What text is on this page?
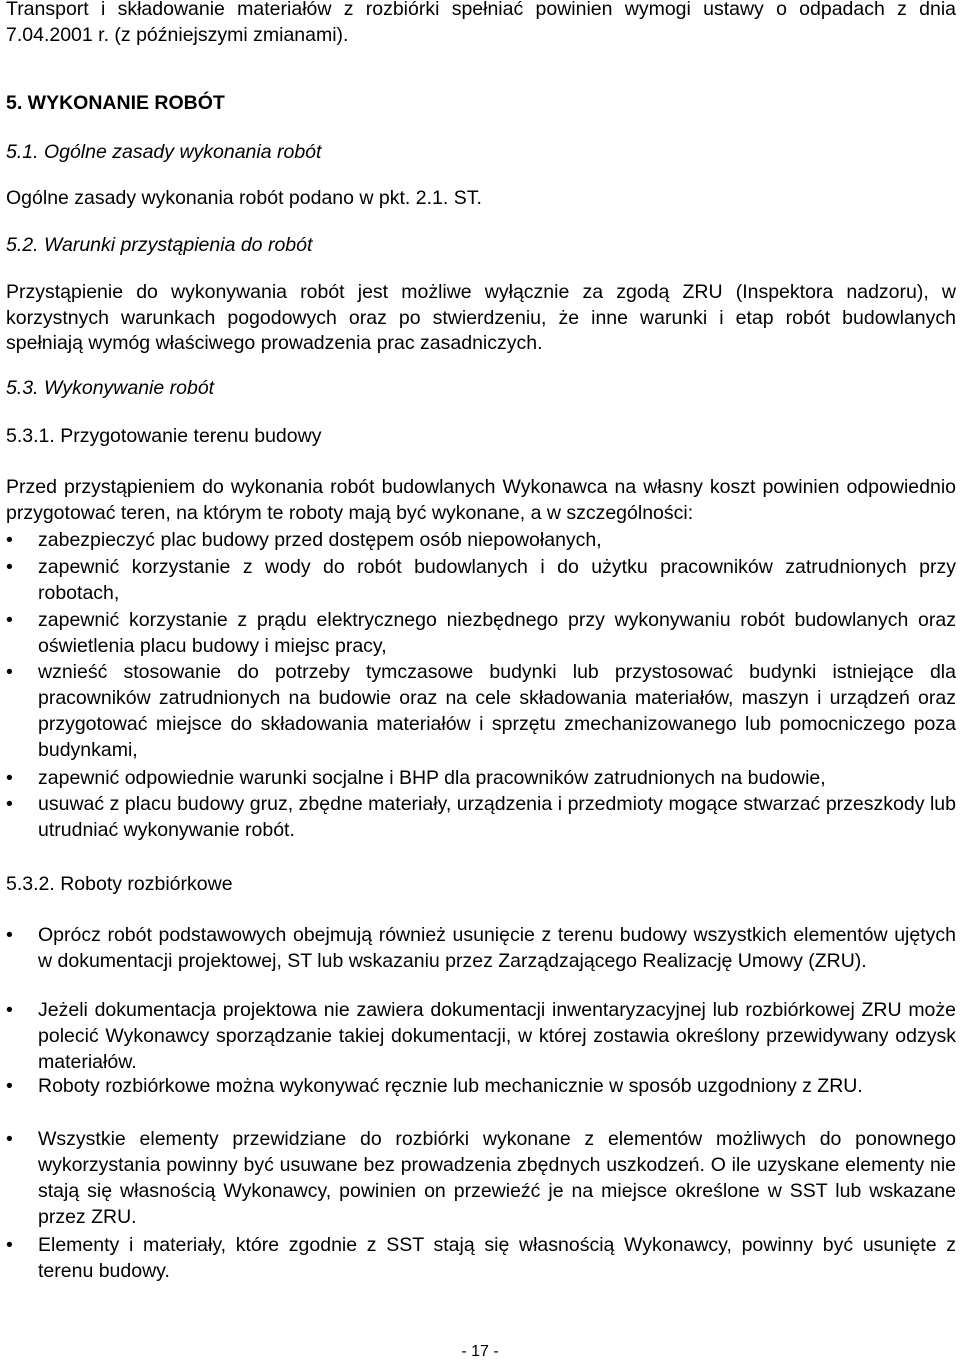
Transport i składowanie materiałów z rozbiórki spełniać powinien wymogi ustawy o odpadach z dnia 7.04.2001 r. (z późniejszymi zmianami).

5. WYKONANIE ROBÓT
5.1. Ogólne zasady wykonania robót

Ogólne zasady wykonania robót podano w pkt. 2.1. ST.

5.2. Warunki przystąpienia do robót

Przystąpienie do wykonywania robót jest możliwe wyłącznie za zgodą ZRU (Inspektora nadzoru), w korzystnych warunkach pogodowych oraz po stwierdzeniu, że inne warunki i etap robót budowlanych spełniają wymóg właściwego prowadzenia prac zasadniczych.

5.3. Wykonywanie robót
5.3.1. Przygotowanie terenu budowy

Przed przystąpieniem do wykonania robót budowlanych Wykonawca na własny koszt powinien odpowiednio przygotować teren, na którym te roboty mają być wykonane, a w szczególności:

• zabezpieczyć plac budowy przed dostępem osób niepowołanych,

• zapewnić korzystanie z wody do robót budowlanych i do użytku pracowników zatrudnionych przy robotach,

• zapewnić korzystanie z prądu elektrycznego niezbędnego przy wykonywaniu robót budowlanych oraz oświetlenia placu budowy i miejsc pracy,

• wznieść stosowanie do potrzeby tymczasowe budynki lub przystosować budynki istniejące dla pracowników zatrudnionych na budowie oraz na cele składowania materiałów, maszyn i urządzeń oraz przygotować miejsce do składowania materiałów i sprzętu zmechanizowanego lub pomocniczego poza budynkami,

• zapewnić odpowiednie warunki socjalne i BHP dla pracowników zatrudnionych na budowie,

• usuwać z placu budowy gruz, zbędne materiały, urządzenia i przedmioty mogące stwarzać przeszkody lub utrudniać wykonywanie robót.

5.3.2. Roboty rozbiórkowe
• Oprócz robót podstawowych obejmują również usunięcie z terenu budowy wszystkich elementów ujętych w dokumentacji projektowej, ST lub wskazaniu przez Zarządzającego Realizację Umowy (ZRU).

• Jeżeli dokumentacja projektowa nie zawiera dokumentacji inwentaryzacyjnej lub rozbiórkowej ZRU może polecić Wykonawcy sporządzanie takiej dokumentacji, w której zostawia określony przewidywany odzysk materiałów.

• Roboty rozbiórkowe można wykonywać ręcznie lub mechanicznie w sposób uzgodniony z ZRU.

• Wszystkie elementy przewidziane do rozbiórki wykonane z elementów możliwych do ponownego wykorzystania powinny być usuwane bez prowadzenia zbędnych uszkodzeń. O ile uzyskane elementy nie stają się własnością Wykonawcy, powinien on przewieźć je na miejsce określone w SST lub wskazane przez ZRU.

• Elementy i materiały, które zgodnie z SST stają się własnością Wykonawcy, powinny być usunięte z terenu budowy.

- 17 -
